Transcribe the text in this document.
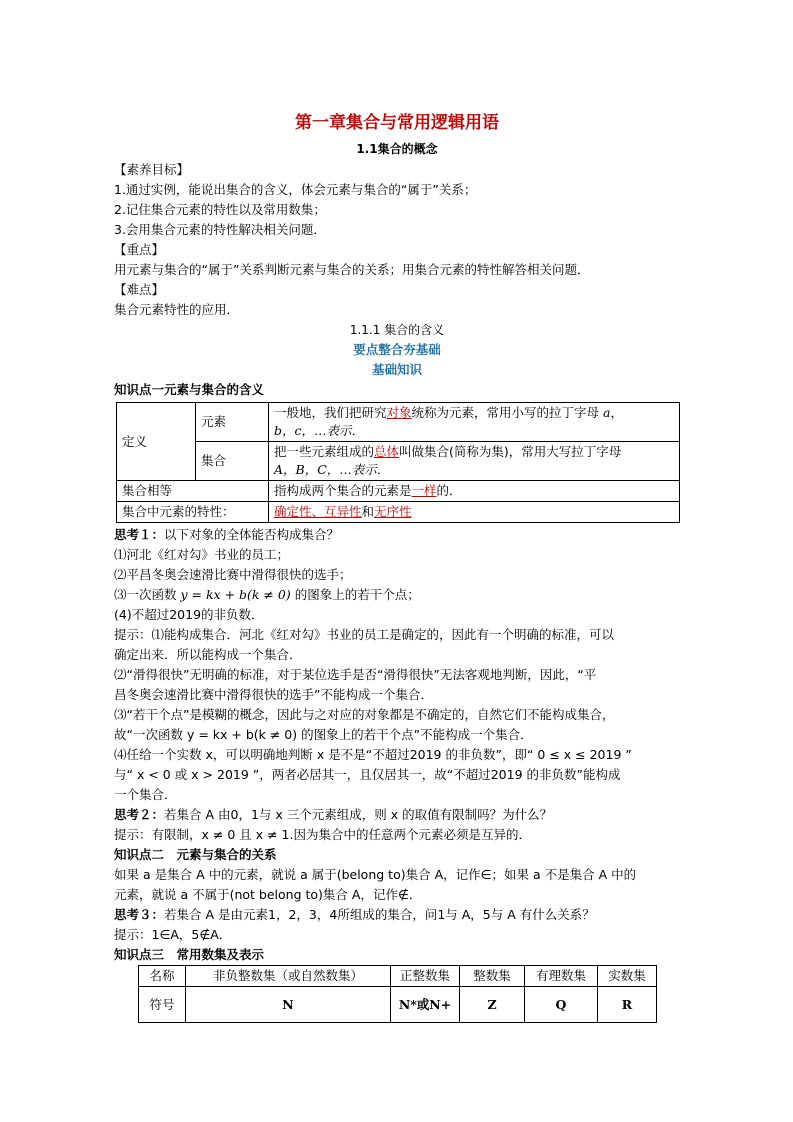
第一章集合与常用逻辑用语
1.1集合的概念
【素养目标】
1.通过实例，能说出集合的含义，体会元素与集合的“属于”关系；
2.记住集合元素的特性以及常用数集；
3.会用集合元素的特性解决相关问题．
【重点】
用元素与集合的“属于”关系判断元素与集合的关系；用集合元素的特性解答相关问题．
【难点】
集合元素特性的应用．
1.1.1 集合的含义
要点整合夯基础
基础知识
知识点一元素与集合的含义
定义	元素	一般地，我们把研究对象统称为元素，常用小写的拉丁字母 a，
b，c，…表示．
	集合	把一些元素组成的总体叫做集合(简称为集)，常用大写拉丁字母
A，B，C，…表示．
集合相等		指构成两个集合的元素是一样的．
集合中元素的特性：		确定性、互异性和无序性
思考１：以下对象的全体能否构成集合？
⑴河北《红对勾》书业的员工；
⑵平昌冬奥会速滑比赛中滑得很快的选手；
⑶一次函数 y = kx + b(k ≠ 0) 的图象上的若干个点；
(4)不超过2019的非负数．
提示：⑴能构成集合．河北《红对勾》书业的员工是确定的，因此有一个明确的标准，可以
确定出来．所以能构成一个集合．
⑵“滑得很快”无明确的标准，对于某位选手是否“滑得很快”无法客观地判断，因此，“平
昌冬奥会速滑比赛中滑得很快的选手”不能构成一个集合．
⑶“若干个点”是模糊的概念，因此与之对应的对象都是不确定的，自然它们不能构成集合，
故“一次函数 y = kx + b(k ≠ 0) 的图象上的若干个点”不能构成一个集合．
⑷任给一个实数 x，可以明确地判断 x 是不是“不超过2019 的非负数”，即“ 0 ≤ x ≤ 2019 ”
与“ x < 0 或 x > 2019 ”，两者必居其一，且仅居其一，故“不超过2019 的非负数”能构成
一个集合．
思考２：若集合 A 由0，1与 x 三个元素组成，则 x 的取值有限制吗？为什么？
提示：有限制，x ≠ 0 且 x ≠ 1.因为集合中的任意两个元素必须是互异的．
知识点二　元素与集合的关系
如果 a 是集合 A 中的元素，就说 a 属于(belong to)集合 A，记作∈；如果 a 不是集合 A 中的
元素，就说 a 不属于(not belong to)集合 A，记作∉．
思考３：若集合 A 是由元素1，2，3，4所组成的集合，问1与 A，5与 A 有什么关系？
提示：1∈A，5∉A．
知识点三　常用数集及表示
名称	非负整数集（或自然数集）	正整数集	整数集	有理数集	实数集
符号	N	N*或N+	Z	Q	R
